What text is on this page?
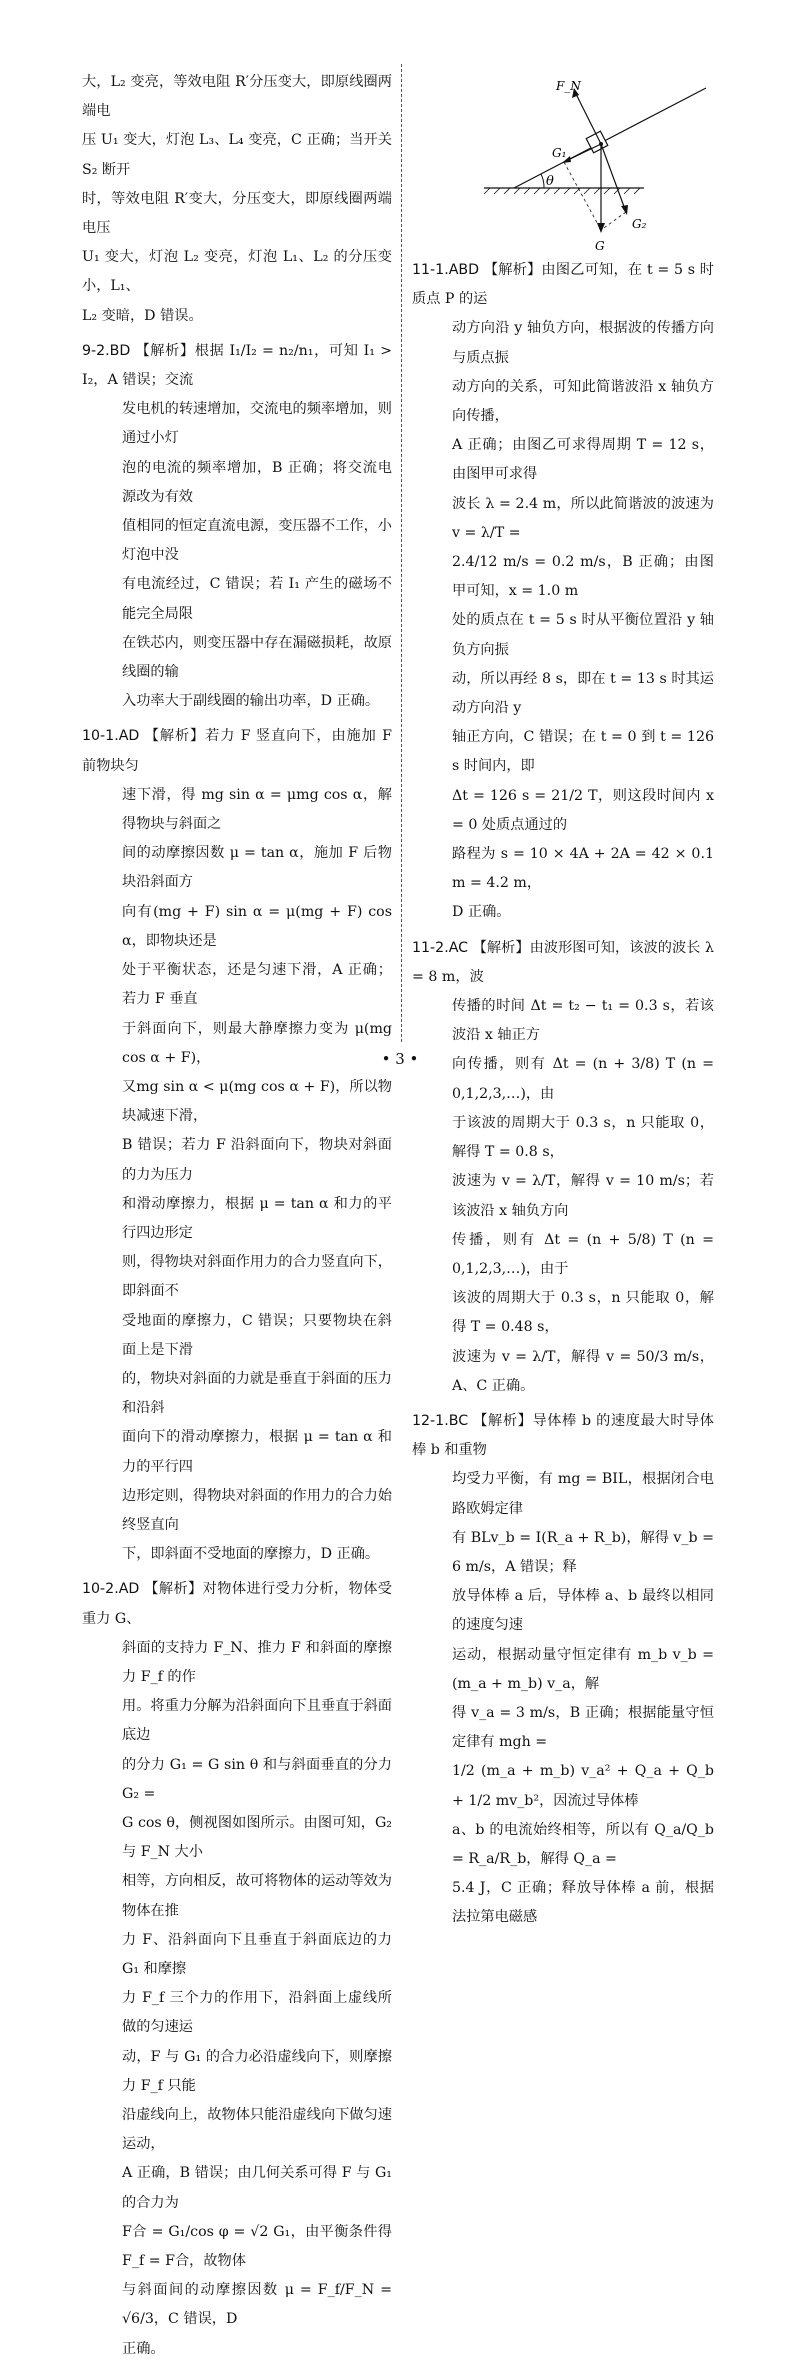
大，L₂ 变亮，等效电阻 R′分压变大，即原线圈两端电
压 U₁ 变大，灯泡 L₃、L₄ 变亮，C 正确；当开关 S₂ 断开
时，等效电阻 R′变大，分压变大，即原线圈两端电压
U₁ 变大，灯泡 L₂ 变亮，灯泡 L₁、L₂ 的分压变小，L₁、
L₂ 变暗，D 错误。
9-2.BD 【解析】根据 I₁/I₂ = n₂/n₁，可知 I₁ > I₂，A 错误；交流
发电机的转速增加，交流电的频率增加，则通过小灯
泡的电流的频率增加，B 正确；将交流电源改为有效
值相同的恒定直流电源，变压器不工作，小灯泡中没
有电流经过，C 错误；若 I₁ 产生的磁场不能完全局限
在铁芯内，则变压器中存在漏磁损耗，故原线圈的输
入功率大于副线圈的输出功率，D 正确。
10-1.AD 【解析】若力 F 竖直向下，由施加 F 前物块匀
速下滑，得 mg sin α = μmg cos α，解得物块与斜面之
间的动摩擦因数 μ = tan α，施加 F 后物块沿斜面方
向有(mg + F) sin α = μ(mg + F) cos α，即物块还是
处于平衡状态，还是匀速下滑，A 正确；若力 F 垂直
于斜面向下，则最大静摩擦力变为 μ(mg cos α + F)，
又mg sin α < μ(mg cos α + F)，所以物块减速下滑，
B 错误；若力 F 沿斜面向下，物块对斜面的力为压力
和滑动摩擦力，根据 μ = tan α 和力的平行四边形定
则，得物块对斜面作用力的合力竖直向下，即斜面不
受地面的摩擦力，C 错误；只要物块在斜面上是下滑
的，物块对斜面的力就是垂直于斜面的压力和沿斜
面向下的滑动摩擦力，根据 μ = tan α 和力的平行四
边形定则，得物块对斜面的作用力的合力始终竖直向
下，即斜面不受地面的摩擦力，D 正确。
10-2.AD 【解析】对物体进行受力分析，物体受重力 G、
斜面的支持力 F_N、推力 F 和斜面的摩擦力 F_f 的作
用。将重力分解为沿斜面向下且垂直于斜面底边
的分力 G₁ = G sin θ 和与斜面垂直的分力 G₂ =
G cos θ，侧视图如图所示。由图可知，G₂ 与 F_N 大小
相等，方向相反，故可将物体的运动等效为物体在推
力 F、沿斜面向下且垂直于斜面底边的力 G₁ 和摩擦
力 F_f 三个力的作用下，沿斜面上虚线所做的匀速运
动，F 与 G₁ 的合力必沿虚线向下，则摩擦力 F_f 只能
沿虚线向上，故物体只能沿虚线向下做匀速运动，
A 正确，B 错误；由几何关系可得 F 与 G₁ 的合力为
F合 = G₁/cos φ = √2 G₁，由平衡条件得 F_f = F合，故物体
与斜面间的动摩擦因数 μ = F_f/F_N = √6/3，C 错误，D
正确。
θ
F_N
G₁
G₂
G
11-1.ABD 【解析】由图乙可知，在 t = 5 s 时质点 P 的运
动方向沿 y 轴负方向，根据波的传播方向与质点振
动方向的关系，可知此简谐波沿 x 轴负方向传播，
A 正确；由图乙可求得周期 T = 12 s，由图甲可求得
波长 λ = 2.4 m，所以此简谐波的波速为 v = λ/T =
2.4/12 m/s = 0.2 m/s，B 正确；由图甲可知，x = 1.0 m
处的质点在 t = 5 s 时从平衡位置沿 y 轴负方向振
动，所以再经 8 s，即在 t = 13 s 时其运动方向沿 y
轴正方向，C 错误；在 t = 0 到 t = 126 s 时间内，即
Δt = 126 s = 21/2 T，则这段时间内 x = 0 处质点通过的
路程为 s = 10 × 4A + 2A = 42 × 0.1 m = 4.2 m，
D 正确。
11-2.AC 【解析】由波形图可知，该波的波长 λ = 8 m，波
传播的时间 Δt = t₂ − t₁ = 0.3 s，若该波沿 x 轴正方
向传播，则有 Δt = (n + 3/8) T (n = 0,1,2,3,…)，由
于该波的周期大于 0.3 s，n 只能取 0，解得 T = 0.8 s，
波速为 v = λ/T，解得 v = 10 m/s；若该波沿 x 轴负方向
传播，则有 Δt = (n + 5/8) T (n = 0,1,2,3,…)，由于
该波的周期大于 0.3 s，n 只能取 0，解得 T = 0.48 s，
波速为 v = λ/T，解得 v = 50/3 m/s，A、C 正确。
12-1.BC 【解析】导体棒 b 的速度最大时导体棒 b 和重物
均受力平衡，有 mg = BIL，根据闭合电路欧姆定律
有 BLv_b = I(R_a + R_b)，解得 v_b = 6 m/s，A 错误；释
放导体棒 a 后，导体棒 a、b 最终以相同的速度匀速
运动，根据动量守恒定律有 m_b v_b = (m_a + m_b) v_a，解
得 v_a = 3 m/s，B 正确；根据能量守恒定律有 mgh =
1/2 (m_a + m_b) v_a² + Q_a + Q_b + 1/2 mv_b²，因流过导体棒
a、b 的电流始终相等，所以有 Q_a/Q_b = R_a/R_b，解得 Q_a =
5.4 J，C 正确；释放导体棒 a 前，根据法拉第电磁感
• 3 •
